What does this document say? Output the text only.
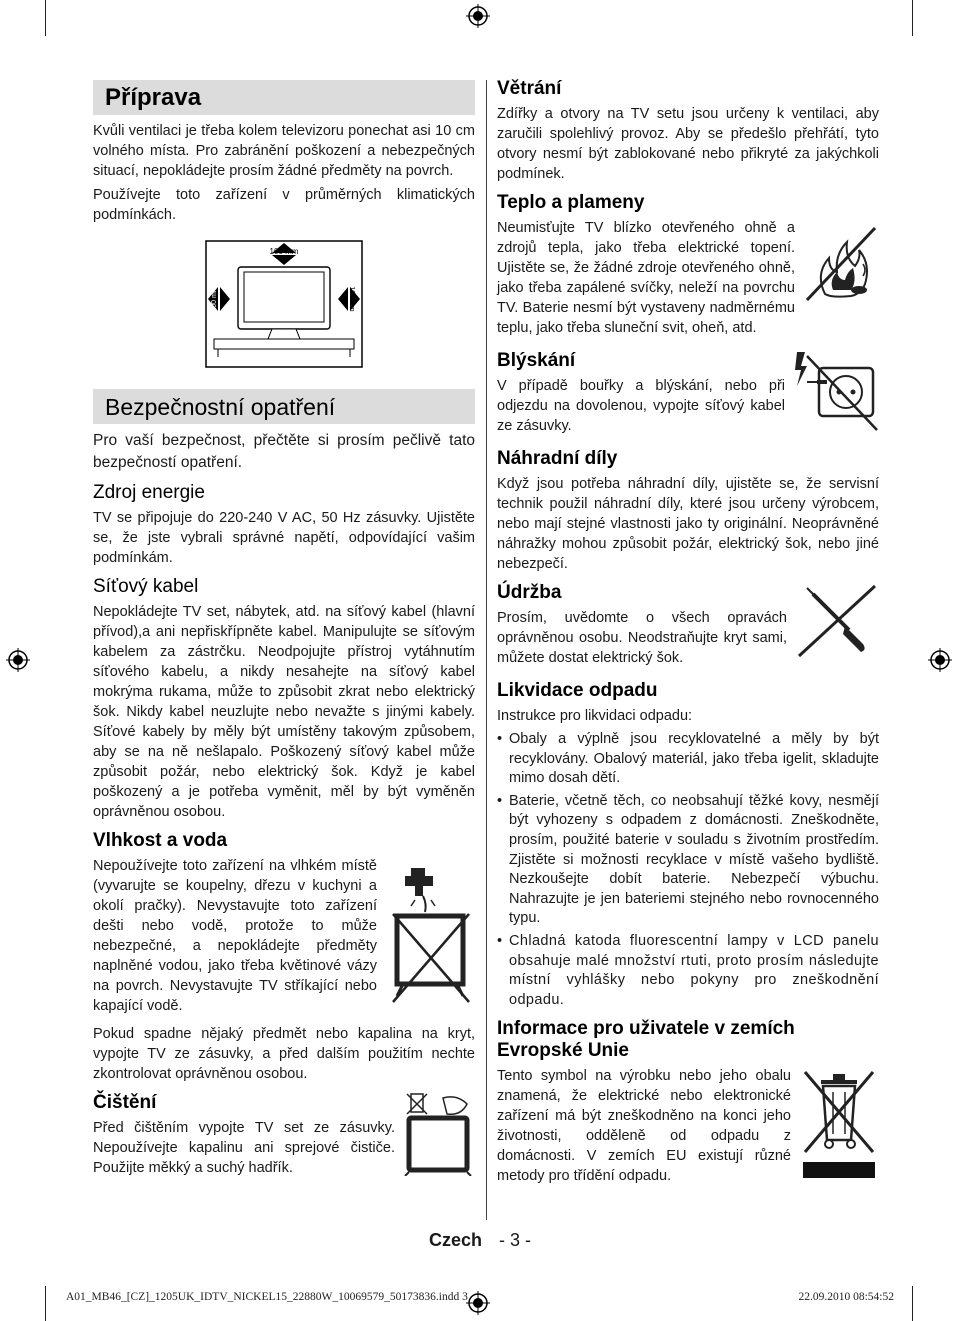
Příprava

Kvůli ventilaci je třeba kolem televizoru ponechat asi 10 cm volného místa. Pro zabránění poškození a nebezpečných situací, nepokládejte prosím žádné předměty na povrch.

Používejte toto zařízení v průměrných klimatických podmínkách.

100 mm
100 mm	100 mm
Bezpečnostní opatření

Pro vaší bezpečnost, přečtěte si prosím pečlivě tato bezpečností opatření.

Zdroj energie

TV se připojuje do 220-240 V AC, 50 Hz zásuvky. Ujistěte se, že jste vybrali správné napětí, odpovídající vašim podmínkám.

Síťový kabel

Nepokládejte TV set, nábytek, atd. na síťový kabel (hlavní přívod),a ani nepřiskřípněte kabel. Manipulujte se síťovým kabelem za zástrčku. Neodpojujte přístroj vytáhnutím síťového kabelu, a nikdy nesahejte na síťový kabel mokrýma rukama, může to způsobit zkrat nebo elektrický šok. Nikdy kabel neuzlujte nebo nevažte s jinými kabely. Síťové kabely by měly být umístěny takovým způsobem, aby se na ně nešlapalo. Poškozený síťový kabel může způsobit požár, nebo elektrický šok. Když je kabel poškozený a je potřeba vyměnit, měl by být vyměněn oprávněnou osobou.

Vlhkost a voda

Nepoužívejte toto zařízení na vlhkém místě (vyvarujte se koupelny, dřezu v kuchyni a okolí pračky). Nevystavujte toto zařízení dešti nebo vodě, protože to může nebezpečné, a nepokládejte předměty naplněné vodou, jako třeba květinové vázy na povrch. Nevystavujte TV stříkající nebo kapající vodě.

Pokud spadne nějaký předmět nebo kapalina na kryt, vypojte TV ze zásuvky, a před dalším použitím nechte zkontrolovat oprávněnou osobou.

Čištění

Před čištěním vypojte TV set ze zásuvky. Nepoužívejte kapalinu ani sprejové čističe. Použijte měkký a suchý hadřík.

Větrání

Zdířky a otvory na TV setu jsou určeny k ventilaci, aby zaručili spolehlivý provoz. Aby se předešlo přehřátí, tyto otvory nesmí být zablokované nebo přikryté za jakýchkoli podmínek.

Teplo a plameny

Neumisťujte TV blízko otevřeného ohně a zdrojů tepla, jako třeba elektrické topení. Ujistěte se, že žádné zdroje otevřeného ohně, jako třeba zapálené svíčky, neleží na povrchu TV. Baterie nesmí být vystaveny nadměrnému teplu, jako třeba sluneční svit, oheň, atd.

Blýskání

V případě bouřky a blýskání, nebo při odjezdu na dovolenou, vypojte síťový kabel ze zásuvky.

Náhradní díly

Když jsou potřeba náhradní díly, ujistěte se, že servisní technik použil náhradní díly, které jsou určeny výrobcem, nebo mají stejné vlastnosti jako ty originální. Neoprávněné náhražky mohou způsobit požár, elektrický šok, nebo jiné nebezpečí.

Údržba

Prosím, uvědomte o všech opravách oprávněnou osobu. Neodstraňujte kryt sami, můžete dostat elektrický šok.

Likvidace odpadu

Instrukce pro likvidaci odpadu:

• Obaly a výplně jsou recyklovatelné a měly by být recyklovány. Obalový materiál, jako třeba igelit, skladujte mimo dosah dětí.
• Baterie, včetně těch, co neobsahují těžké kovy, nesmějí být vyhozeny s odpadem z domácnosti. Zneškodněte, prosím, použité baterie v souladu s životním prostředím. Zjistěte si možnosti recyklace v místě vašeho bydliště. Nezkoušejte dobít baterie. Nebezpečí výbuchu. Nahrazujte je jen bateriemi stejného nebo rovnocenného typu.
• Chladná katoda fluorescentní lampy v LCD panelu obsahuje malé množství rtuti, proto prosím následujte místní vyhlášky nebo pokyny pro zneškodnění odpadu.
Informace pro uživatele v zemích Evropské Unie

Tento symbol na výrobku nebo jeho obalu znamená, že elektrické nebo elektronické zařízení má být zneškodněno na konci jeho životnosti, odděleně od odpadu z domácnosti. V zemích EU existují různé metody pro třídění odpadu.

Czech - 3 -
A01_MB46_[CZ]_1205UK_IDTV_NICKEL15_22880W_10069579_50173836.indd 3	22.09.2010 08:54:52
